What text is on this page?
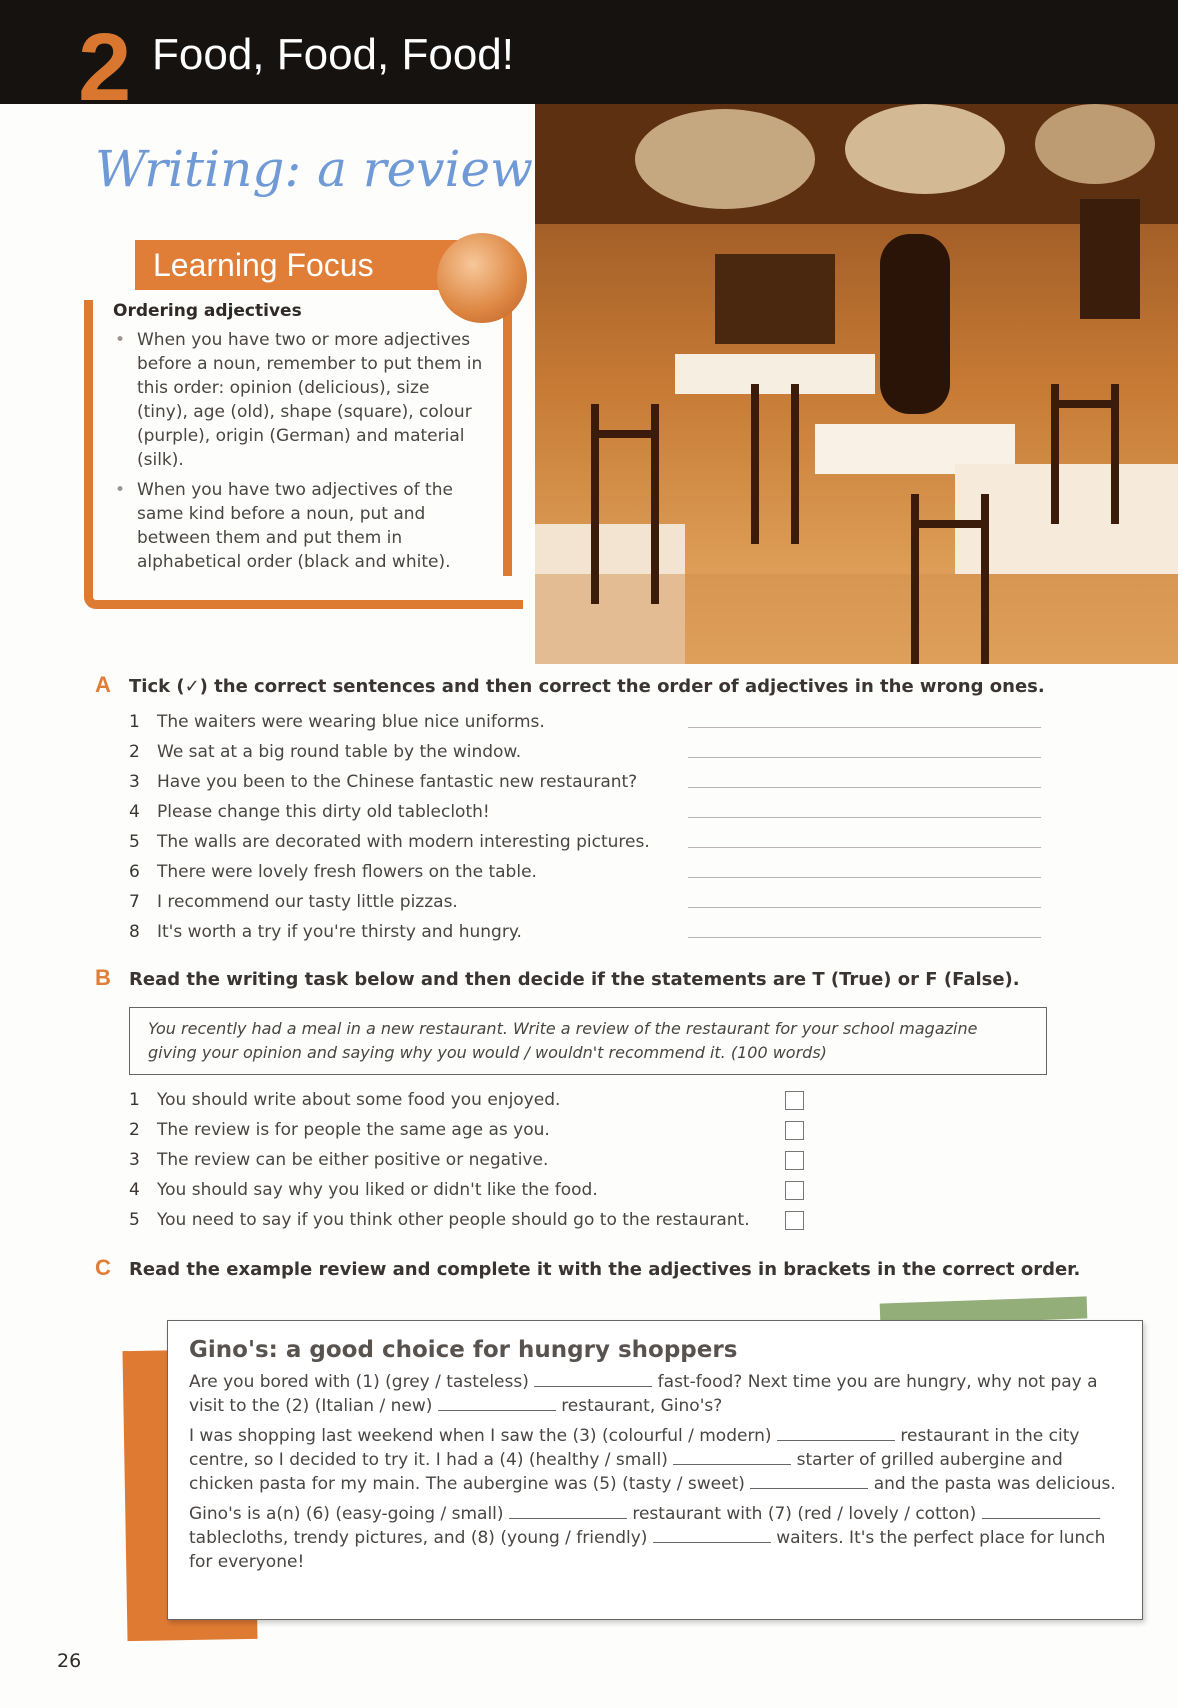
2 Food, Food, Food!
Writing: a review
Learning Focus
Ordering adjectives
• When you have two or more adjectives before a noun, remember to put them in this order: opinion (delicious), size (tiny), age (old), shape (square), colour (purple), origin (German) and material (silk).
• When you have two adjectives of the same kind before a noun, put and between them and put them in alphabetical order (black and white).
A Tick (✓) the correct sentences and then correct the order of adjectives in the wrong ones.
1 The waiters were wearing blue nice uniforms.
2 We sat at a big round table by the window.
3 Have you been to the Chinese fantastic new restaurant?
4 Please change this dirty old tablecloth!
5 The walls are decorated with modern interesting pictures.
6 There were lovely fresh flowers on the table.
7 I recommend our tasty little pizzas.
8 It's worth a try if you're thirsty and hungry.
B Read the writing task below and then decide if the statements are T (True) or F (False).
You recently had a meal in a new restaurant. Write a review of the restaurant for your school magazine giving your opinion and saying why you would / wouldn't recommend it. (100 words)
1 You should write about some food you enjoyed.
2 The review is for people the same age as you.
3 The review can be either positive or negative.
4 You should say why you liked or didn't like the food.
5 You need to say if you think other people should go to the restaurant.
C Read the example review and complete it with the adjectives in brackets in the correct order.
Gino's: a good choice for hungry shoppers

Are you bored with (1) (grey / tasteless)	fast-food? Next time you are hungry, why not pay a visit to the (2) (Italian / new)	restaurant, Gino's?

I was shopping last weekend when I saw the (3) (colourful / modern)	restaurant in the city centre, so I decided to try it. I had a (4) (healthy / small)	starter of grilled aubergine and chicken pasta for my main. The aubergine was (5) (tasty / sweet)	and the pasta was delicious.

Gino's is a(n) (6) (easy-going / small)	restaurant with (7) (red / lovely / cotton)  tablecloths, trendy pictures, and (8) (young / friendly)	waiters. It's the perfect place for lunch for everyone!

26
